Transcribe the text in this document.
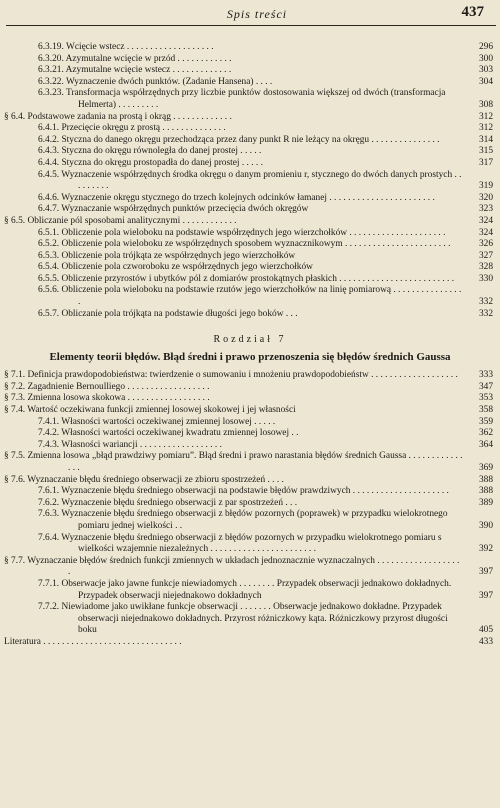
Spis treści	437
6.3.19. Wcięcie wstecz . . . . . . . . . . . . . . . . . . .	296
6.3.20. Azymutalne wcięcie w przód . . . . . . . . . . . .	300
6.3.21. Azymutalne wcięcie wstecz . . . . . . . . . . . . .	303
6.3.22. Wyznaczenie dwóch punktów. (Zadanie Hansena) . . . .	304
6.3.23. Transformacja współrzędnych przy liczbie punktów dostosowania większej od dwóch (transformacja Helmerta) . . . . . . . . .	308
§ 6.4. Podstawowe zadania na prostą i okrąg . . . . . . . . . . . . .	312
6.4.1. Przecięcie okręgu z prostą . . . . . . . . . . . . . .	312
6.4.2. Styczna do danego okręgu przechodząca przez dany punkt R nie leżący na okręgu . . . . . . . . . . . . . . .	314
6.4.3. Styczna do okręgu równoległa do danej prostej . . . . .	315
6.4.4. Styczna do okręgu prostopadła do danej prostej . . . . .	317
6.4.5. Wyznaczenie współrzędnych środka okręgu o danym promieniu r, stycznego do dwóch danych prostych . . . . . . . . .	319
6.4.6. Wyznaczenie okręgu stycznego do trzech kolejnych odcinków łamanej . . . . . . . . . . . . . . . . . . . . . . .	320
6.4.7. Wyznaczanie współrzędnych punktów przecięcia dwóch okręgów	323
§ 6.5. Obliczanie pól sposobami analitycznymi . . . . . . . . . . . .	324
6.5.1. Obliczenie pola wieloboku na podstawie współrzędnych jego wierzchołków . . . . . . . . . . . . . . . . . . . . .	324
6.5.2. Obliczenie pola wieloboku ze współrzędnych sposobem wyznacznikowym . . . . . . . . . . . . . . . . . . . . . . .	326
6.5.3. Obliczenie pola trójkąta ze współrzędnych jego wierzchołków	327
6.5.4. Obliczenie pola czworoboku ze współrzędnych jego wierzchołków	328
6.5.5. Obliczenie przyrostów i ubytków pól z domiarów prostokątnych płaskich . . . . . . . . . . . . . . . . . . . . . . . . .	330
6.5.6. Obliczenie pola wieloboku na podstawie rzutów jego wierzchołków na linię pomiarową . . . . . . . . . . . . . . . .	332
6.5.7. Obliczanie pola trójkąta na podstawie długości jego boków . . .	332
Rozdział 7
Elementy teorii błędów. Błąd średni i prawo przenoszenia się błędów średnich Gaussa
§ 7.1. Definicja prawdopodobieństwa: twierdzenie o sumowaniu i mnożeniu prawdopodobieństw . . . . . . . . . . . . . . . . . . .	333
§ 7.2. Zagadnienie Bernoulliego . . . . . . . . . . . . . . . . . .	347
§ 7.3. Zmienna losowa skokowa . . . . . . . . . . . . . . . . . .	353
§ 7.4. Wartość oczekiwana funkcji zmiennej losowej skokowej i jej własności	358
7.4.1. Własności wartości oczekiwanej zmiennej losowej . . . . .	359
7.4.2. Własności wartości oczekiwanej kwadratu zmiennej losowej . .	362
7.4.3. Własności wariancji . . . . . . . . . . . . . . . . . .	364
§ 7.5. Zmienna losowa „błąd prawdziwy pomiaru”. Błąd średni i prawo narastania błędów średnich Gaussa . . . . . . . . . . . . . . .	369
§ 7.6. Wyznaczanie błędu średniego obserwacji ze zbioru spostrzeżeń . . . .	388
7.6.1. Wyznaczenie błędu średniego obserwacji na podstawie błędów prawdziwych . . . . . . . . . . . . . . . . . . . . .	388
7.6.2. Wyznaczenie błędu średniego obserwacji z par spostrzeżeń . . .	389
7.6.3. Wyznaczenie błędu średniego obserwacji z błędów pozornych (poprawek) w przypadku wielokrotnego pomiaru jednej wielkości . .	390
7.6.4. Wyznaczenie błędu średniego obserwacji z błędów pozornych w przypadku wielokrotnego pomiaru s wielkości wzajemnie niezależnych . . . . . . . . . . . . . . . . . . . . . . .	392
§ 7.7. Wyznaczanie błędów średnich funkcji zmiennych w układach jednoznacznie wyznaczalnych . . . . . . . . . . . . . . . . . . .	397
7.7.1. Obserwacje jako jawne funkcje niewiadomych . . . . . . . . Przypadek obserwacji jednakowo dokładnych. Przypadek obserwacji niejednakowo dokładnych	397
7.7.2. Niewiadome jako uwikłane funkcje obserwacji . . . . . . . Obserwacje jednakowo dokładne. Przypadek obserwacji niejednakowo dokładnych. Przyrost różniczkowy kąta. Różniczkowy przyrost długości boku	405
Literatura . . . . . . . . . . . . . . . . . . . . . . . . . . . . . .	433
